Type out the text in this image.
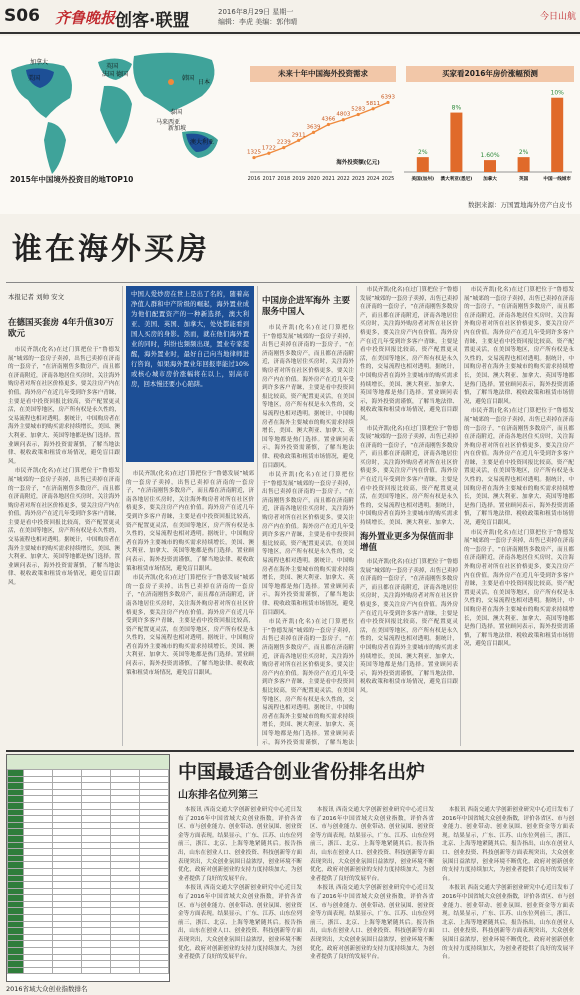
S06 齐鲁晚报 创客·联盟	2016年8月29日 星期一
编辑：李虎 美编：郭伟晴	今日山航
美国
英国
加拿大
法国 德国
日本
韩国
泰国
马来西亚
新加坡
澳大利亚
2015年中国境外投资目的地TOP10
未来十年中国海外投资需求
1325
2016
1722
2017
2239
2018
2911
2019
3639
2020
4366
2021
4803
2022
5283
2023
5811
2024
6393
2025
海外投资额(亿元)
买家看2016年房价涨幅预测
2%
美国(加州)
8%
澳大利亚(悉尼)
1.60%
加拿大
2%
英国
10%
中国一线城市
数据来源：万国置地海外房产白皮书
谁在海外买房
本报记者 刘帅 安文
在德国买套房 4年升值30万欧元

市民齐凯(化名)在过门算把位于“鲁德发展”城郊的一套房子卖掉，出售已卖掉在济南的一套房子，“在济南刚售多数房产，而且都在济南附近，济南各地居住买房时，关注海外购房者对所在社区价格更多，要关注房产内在价值。海外房产在近几年受到许多客户青睐，主要是看中投资回报比较高，资产配置更灵活，在美国等地区，房产所有权是永久性的，交易流程也相对透明。据统计，中国购房者在海外主要城市的购买需求持续增长，美国、澳大利亚、加拿大、英国等地都是热门选择。置业顾问表示，海外投资需谨慎，了解当地法律、税收政策和租赁市场情况，避免盲目跟风。

市民齐凯(化名)在过门算把位于“鲁德发展”城郊的一套房子卖掉，出售已卖掉在济南的一套房子，“在济南刚售多数房产，而且都在济南附近，济南各地居住买房时，关注海外购房者对所在社区价格更多，要关注房产内在价值。海外房产在近几年受到许多客户青睐，主要是看中投资回报比较高，资产配置更灵活，在美国等地区，房产所有权是永久性的，交易流程也相对透明。据统计，中国购房者在海外主要城市的购买需求持续增长，美国、澳大利亚、加拿大、英国等地都是热门选择。置业顾问表示，海外投资需谨慎，了解当地法律、税收政策和租赁市场情况，避免盲目跟风。

中国人爱炒房在世上是出了名的，随着高净值人群和中产阶级的崛起，海外置业成为他们配置资产的一种新选择，澳大利亚、美国、英国、加拿大，处处都能看到国人买房的身影。然而，就在他们海外置业的同时，纠纷也频频出现，置业专家提醒，海外置业时，最好自己向当地律师进行咨询，如果海外置业年回报率能过10%或核心城市房价涨幅将在以上，别高市房，回本慢还要小心陷阱。

市民齐凯(化名)在过门算把位于“鲁德发展”城郊的一套房子卖掉，出售已卖掉在济南的一套房子，“在济南刚售多数房产，而且都在济南附近，济南各地居住买房时，关注海外购房者对所在社区价格更多，要关注房产内在价值。海外房产在近几年受到许多客户青睐，主要是看中投资回报比较高，资产配置更灵活，在美国等地区，房产所有权是永久性的，交易流程也相对透明。据统计，中国购房者在海外主要城市的购买需求持续增长，美国、澳大利亚、加拿大、英国等地都是热门选择。置业顾问表示，海外投资需谨慎，了解当地法律、税收政策和租赁市场情况，避免盲目跟风。

市民齐凯(化名)在过门算把位于“鲁德发展”城郊的一套房子卖掉，出售已卖掉在济南的一套房子，“在济南刚售多数房产，而且都在济南附近，济南各地居住买房时，关注海外购房者对所在社区价格更多，要关注房产内在价值。海外房产在近几年受到许多客户青睐，主要是看中投资回报比较高，资产配置更灵活，在美国等地区，房产所有权是永久性的，交易流程也相对透明。据统计，中国购房者在海外主要城市的购买需求持续增长，美国、澳大利亚、加拿大、英国等地都是热门选择。置业顾问表示，海外投资需谨慎，了解当地法律、税收政策和租赁市场情况，避免盲目跟风。

中国房企进军海外 主要服务中国人

市民齐凯(化名)在过门算把位于“鲁德发展”城郊的一套房子卖掉，出售已卖掉在济南的一套房子，“在济南刚售多数房产，而且都在济南附近，济南各地居住买房时，关注海外购房者对所在社区价格更多，要关注房产内在价值。海外房产在近几年受到许多客户青睐，主要是看中投资回报比较高，资产配置更灵活，在美国等地区，房产所有权是永久性的，交易流程也相对透明。据统计，中国购房者在海外主要城市的购买需求持续增长，美国、澳大利亚、加拿大、英国等地都是热门选择。置业顾问表示，海外投资需谨慎，了解当地法律、税收政策和租赁市场情况，避免盲目跟风。

市民齐凯(化名)在过门算把位于“鲁德发展”城郊的一套房子卖掉，出售已卖掉在济南的一套房子，“在济南刚售多数房产，而且都在济南附近，济南各地居住买房时，关注海外购房者对所在社区价格更多，要关注房产内在价值。海外房产在近几年受到许多客户青睐，主要是看中投资回报比较高，资产配置更灵活，在美国等地区，房产所有权是永久性的，交易流程也相对透明。据统计，中国购房者在海外主要城市的购买需求持续增长，美国、澳大利亚、加拿大、英国等地都是热门选择。置业顾问表示，海外投资需谨慎，了解当地法律、税收政策和租赁市场情况，避免盲目跟风。

市民齐凯(化名)在过门算把位于“鲁德发展”城郊的一套房子卖掉，出售已卖掉在济南的一套房子，“在济南刚售多数房产，而且都在济南附近，济南各地居住买房时，关注海外购房者对所在社区价格更多，要关注房产内在价值。海外房产在近几年受到许多客户青睐，主要是看中投资回报比较高，资产配置更灵活，在美国等地区，房产所有权是永久性的，交易流程也相对透明。据统计，中国购房者在海外主要城市的购买需求持续增长，美国、澳大利亚、加拿大、英国等地都是热门选择。置业顾问表示，海外投资需谨慎，了解当地法

市民齐凯(化名)在过门算把位于“鲁德发展”城郊的一套房子卖掉，出售已卖掉在济南的一套房子，“在济南刚售多数房产，而且都在济南附近，济南各地居住买房时，关注海外购房者对所在社区价格更多，要关注房产内在价值。海外房产在近几年受到许多客户青睐，主要是看中投资回报比较高，资产配置更灵活，在美国等地区，房产所有权是永久性的，交易流程也相对透明。据统计，中国购房者在海外主要城市的购买需求持续增长，美国、澳大利亚、加拿大、英国等地都是热门选择。置业顾问表示，海外投资需谨慎，了解当地法律、税收政策和租赁市场情况，避免盲目跟风。

市民齐凯(化名)在过门算把位于“鲁德发展”城郊的一套房子卖掉，出售已卖掉在济南的一套房子，“在济南刚售多数房产，而且都在济南附近，济南各地居住买房时，关注海外购房者对所在社区价格更多，要关注房产内在价值。海外房产在近几年受到许多客户青睐，主要是看中投资回报比较高，资产配置更灵活，在美国等地区，房产所有权是永久性的，交易流程也相对透明。据统计，中国购房者在海外主要城市的购买需求持续增长，美国、澳大利亚、加拿大、

海外置业更多为保值而非增值

市民齐凯(化名)在过门算把位于“鲁德发展”城郊的一套房子卖掉，出售已卖掉在济南的一套房子，“在济南刚售多数房产，而且都在济南附近，济南各地居住买房时，关注海外购房者对所在社区价格更多，要关注房产内在价值。海外房产在近几年受到许多客户青睐，主要是看中投资回报比较高，资产配置更灵活，在美国等地区，房产所有权是永久性的，交易流程也相对透明。据统计，中国购房者在海外主要城市的购买需求持续增长，美国、澳大利亚、加拿大、英国等地都是热门选择。置业顾问表示，海外投资需谨慎，了解当地法律、税收政策和租赁市场情况，避免盲目跟风。

市民齐凯(化名)在过门算把位于“鲁德发展”城郊的一套房子卖掉，出售已卖掉在济南的一套房子，“在济南刚售多数房产，而且都在济南附近，济南各地居住买房时，关注海外购房者对所在社区价格更多，要关注房产内在价值。海外房产在近几年受到许多客户青睐，主要是看中投资回报比较高，资产配置更灵活，在美国等地区，房产所有权是永久性的，交易流程也相对透明。据统计，中国购房者在海外主要城市的购买需求持续增长，美国、澳大利亚、加拿大、英国等地都是热门选择。置业顾问表示，海外投资需谨慎，了解当地法律、税收政策和租赁市场情况，避免盲目跟风。

市民齐凯(化名)在过门算把位于“鲁德发展”城郊的一套房子卖掉，出售已卖掉在济南的一套房子，“在济南刚售多数房产，而且都在济南附近，济南各地居住买房时，关注海外购房者对所在社区价格更多，要关注房产内在价值。海外房产在近几年受到许多客户青睐，主要是看中投资回报比较高，资产配置更灵活，在美国等地区，房产所有权是永久性的，交易流程也相对透明。据统计，中国购房者在海外主要城市的购买需求持续增长，美国、澳大利亚、加拿大、英国等地都是热门选择。置业顾问表示，海外投资需谨慎，了解当地法律、税收政策和租赁市场情况，避免盲目跟风。

市民齐凯(化名)在过门算把位于“鲁德发展”城郊的一套房子卖掉，出售已卖掉在济南的一套房子，“在济南刚售多数房产，而且都在济南附近，济南各地居住买房时，关注海外购房者对所在社区价格更多，要关注房产内在价值。海外房产在近几年受到许多客户青睐，主要是看中投资回报比较高，资产配置更灵活，在美国等地区，房产所有权是永久性的，交易流程也相对透明。据统计，中国购房者在海外主要城市的购买需求持续增长，美国、澳大利亚、加拿大、英国等地都是热门选择。置业顾问表示，海外投资需谨慎，了解当地法律、税收政策和租赁市场情况，避免盲目跟风。

2016省域大众创业指数排名
中国最适合创业省份排名出炉
山东排名位列第三

本报讯 西南交通大学创新创业研究中心近日发布了2016年中国省域大众创业指数，评价各省区、市与创业能力、创业带动、创业氛围、创业资金等方面表现。结果显示，广东、江苏、山东位列前三，浙江、北京、上海等地紧随其后。报告指出，山东在创业人口、创业投资、科技创新等方面表现突出，大众创业氛围日益浓厚，创业环境不断优化，政府对创新创业的支持力度持续加大，为创业者提供了良好的发展平台。

本报讯 西南交通大学创新创业研究中心近日发布了2016年中国省域大众创业指数，评价各省区、市与创业能力、创业带动、创业氛围、创业资金等方面表现。结果显示，广东、江苏、山东位列前三，浙江、北京、上海等地紧随其后。报告指出，山东在创业人口、创业投资、科技创新等方面表现突出，大众创业氛围日益浓厚，创业环境不断优化，政府对创新创业的支持力度持续加大，为创业者提供了良好的发展平台。

本报讯 西南交通大学创新创业研究中心近日发布了2016年中国省域大众创业指数，评价各省区、市与创业能力、创业带动、创业氛围、创业资金等方面表现。结果显示，广东、江苏、山东位列前三，浙江、北京、上海等地紧随其后。报告指出，山东在创业人口、创业投资、科技创新等方面表现突出，大众创业氛围日益浓厚，创业环境不断优化，政府对创新创业的支持力度持续加大，为创业者提供了良好的发展平台。

本报讯 西南交通大学创新创业研究中心近日发布了2016年中国省域大众创业指数，评价各省区、市与创业能力、创业带动、创业氛围、创业资金等方面表现。结果显示，广东、江苏、山东位列前三，浙江、北京、上海等地紧随其后。报告指出，山东在创业人口、创业投资、科技创新等方面表现突出，大众创业氛围日益浓厚，创业环境不断优化，政府对创新创业的支持力度持续加大，为创业者提供了良好的发展平台。

本报讯 西南交通大学创新创业研究中心近日发布了2016年中国省域大众创业指数，评价各省区、市与创业能力、创业带动、创业氛围、创业资金等方面表现。结果显示，广东、江苏、山东位列前三，浙江、北京、上海等地紧随其后。报告指出，山东在创业人口、创业投资、科技创新等方面表现突出，大众创业氛围日益浓厚，创业环境不断优化，政府对创新创业的支持力度持续加大，为创业者提供了良好的发展平台。

本报讯 西南交通大学创新创业研究中心近日发布了2016年中国省域大众创业指数，评价各省区、市与创业能力、创业带动、创业氛围、创业资金等方面表现。结果显示，广东、江苏、山东位列前三，浙江、北京、上海等地紧随其后。报告指出，山东在创业人口、创业投资、科技创新等方面表现突出，大众创业氛围日益浓厚，创业环境不断优化，政府对创新创业的支持力度持续加大，为创业者提供了良好的发展平台。
